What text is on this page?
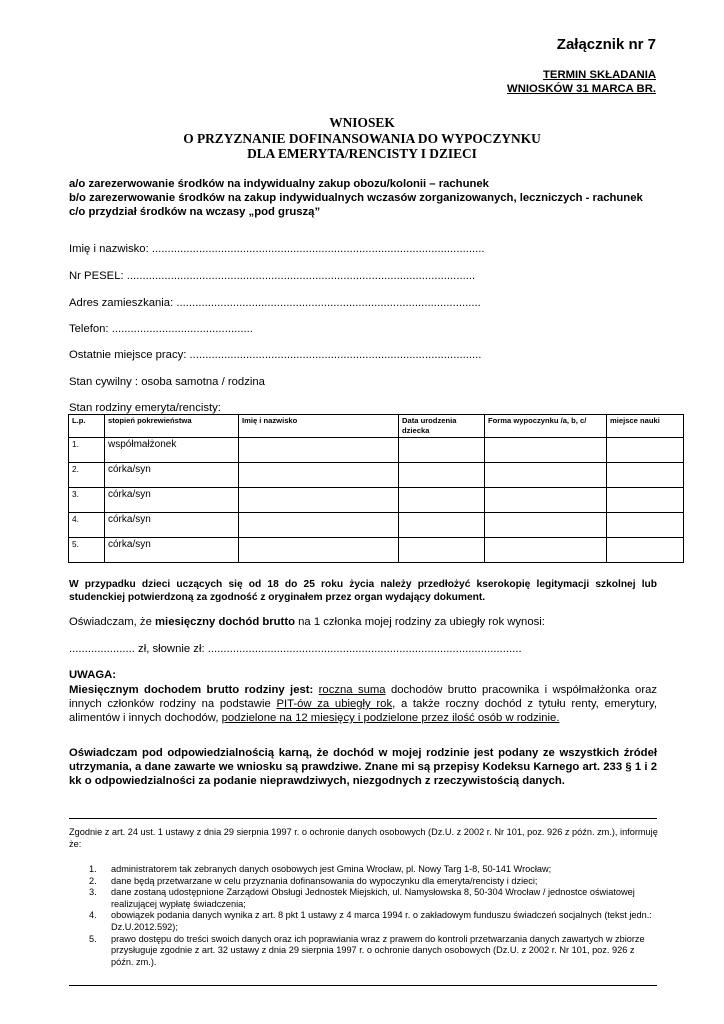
Załącznik nr 7
TERMIN SKŁADANIA
WNIOSKÓW 31 MARCA BR.
WNIOSEK
O PRZYZNANIE DOFINANSOWANIA DO WYPOCZYNKU
DLA EMERYTA/RENCISTY I DZIECI
a/o zarezerwowanie środków na indywidualny zakup obozu/kolonii – rachunek
b/o zarezerwowanie środków na zakup indywidualnych wczasów zorganizowanych, leczniczych - rachunek
c/o przydział środków na wczasy „pod gruszą”
Imię i nazwisko: ..........................................................................................................
Nr PESEL: ...............................................................................................................
Adres zamieszkania: .................................................................................................
Telefon: .............................................
Ostatnie miejsce pracy: .............................................................................................
Stan cywilny : osoba samotna / rodzina
Stan rodziny emeryta/rencisty:
L.p.	stopień pokrewieństwa	Imię i nazwisko	Data urodzenia dziecka	Forma wypoczynku /a, b, c/	miejsce nauki
1.	współmałżonek				
2.	córka/syn				
3.	córka/syn				
4.	córka/syn				
5.	córka/syn				
W przypadku dzieci uczących się od 18 do 25 roku życia należy przedłożyć kserokopię legitymacji szkolnej lub studenckiej potwierdzoną za zgodność z oryginałem przez organ wydający dokument.
Oświadczam, że miesięczny dochód brutto na 1 członka mojej rodziny za ubiegły rok wynosi:
..................... zł, słownie zł: ....................................................................................................
UWAGA:
Miesięcznym dochodem brutto rodziny jest: roczna suma dochodów brutto pracownika i współmałżonka oraz innych członków rodziny na podstawie PIT-ów za ubiegły rok, a także roczny dochód z tytułu renty, emerytury, alimentów i innych dochodów, podzielone na 12 miesięcy i podzielone przez ilość osób w rodzinie.
Oświadczam pod odpowiedzialnością karną, że dochód w mojej rodzinie jest podany ze wszystkich źródeł utrzymania, a dane zawarte we wniosku są prawdziwe. Znane mi są przepisy Kodeksu Karnego art. 233 § 1 i 2 kk o odpowiedzialności za podanie nieprawdziwych, niezgodnych z rzeczywistością danych.
Zgodnie z art. 24 ust. 1 ustawy z dnia 29 sierpnia 1997 r. o ochronie danych osobowych (Dz.U. z 2002 r. Nr 101, poz. 926 z późn. zm.), informuję że:
1. administratorem tak zebranych danych osobowych jest Gmina Wrocław, pl. Nowy Targ 1-8, 50-141 Wrocław;
2. dane będą przetwarzane w celu przyznania dofinansowania do wypoczynku dla emeryta/rencisty i dzieci;
3. dane zostaną udostępnione Zarządowi Obsługi Jednostek Miejskich, ul. Namysłowska 8, 50-304 Wrocław / jednostce oświatowej realizującej wypłatę świadczenia;
4. obowiązek podania danych wynika z art. 8 pkt 1 ustawy z 4 marca 1994 r. o zakładowym funduszu świadczeń socjalnych (tekst jedn.: Dz.U.2012.592);
5. prawo dostępu do treści swoich danych oraz ich poprawiania wraz z prawem do kontroli przetwarzania danych zawartych w zbiorze przysługuje zgodnie z art. 32 ustawy z dnia 29 sierpnia 1997 r. o ochronie danych osobowych (Dz.U. z 2002 r. Nr 101, poz. 926 z późn. zm.).
